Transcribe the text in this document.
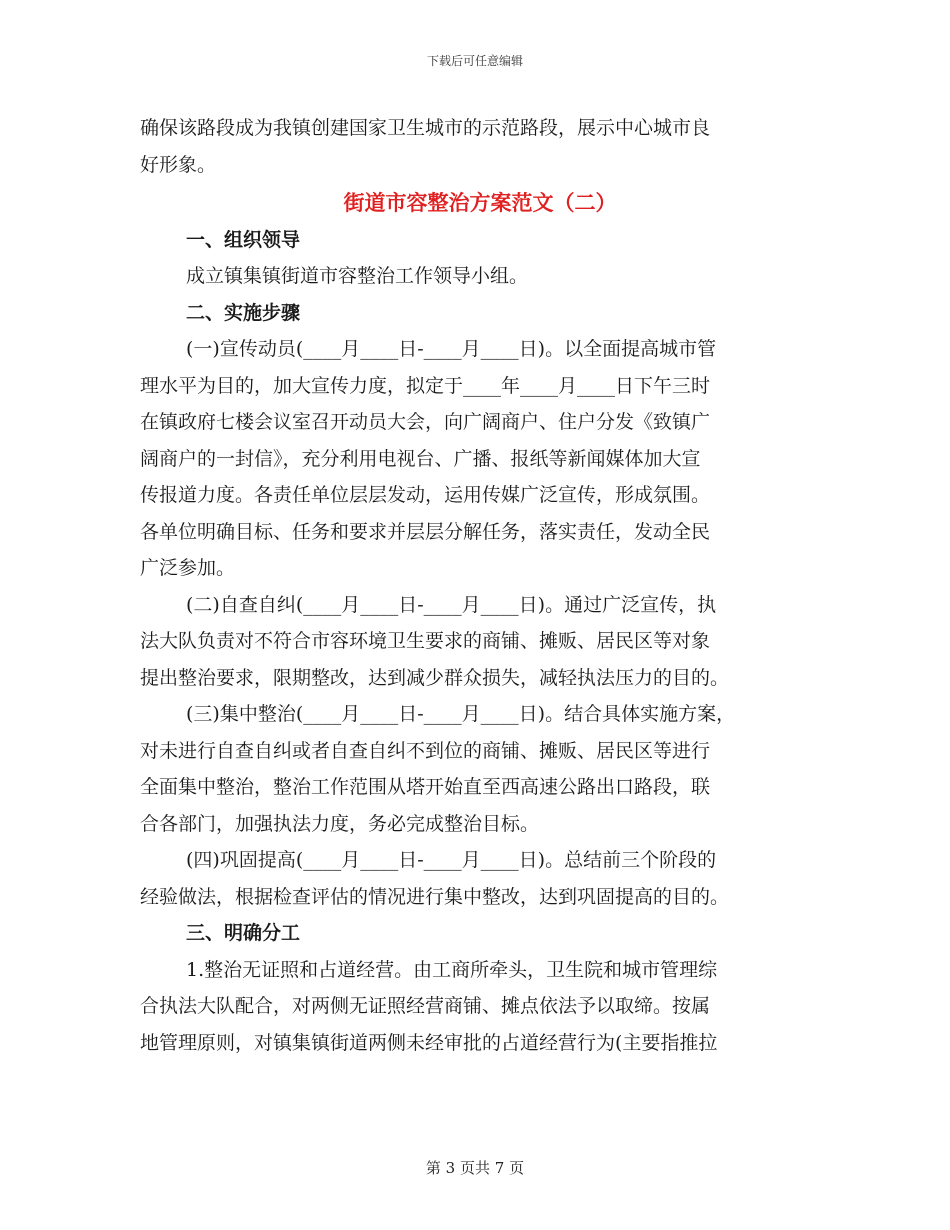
下载后可任意编辑
确保该路段成为我镇创建国家卫生城市的示范路段，展示中心城市良
好形象。
街道市容整治方案范文（二）
一、组织领导
成立镇集镇街道市容整治工作领导小组。
二、实施步骤
(一)宣传动员(____月____日-____月____日)。以全面提高城市管
理水平为目的，加大宣传力度，拟定于____年____月____日下午三时
在镇政府七楼会议室召开动员大会，向广阔商户、住户分发《致镇广
阔商户的一封信》，充分利用电视台、广播、报纸等新闻媒体加大宣
传报道力度。各责任单位层层发动，运用传媒广泛宣传，形成氛围。
各单位明确目标、任务和要求并层层分解任务，落实责任，发动全民
广泛参加。
(二)自查自纠(____月____日-____月____日)。通过广泛宣传，执
法大队负责对不符合市容环境卫生要求的商铺、摊贩、居民区等对象
提出整治要求，限期整改，达到减少群众损失，减轻执法压力的目的。
(三)集中整治(____月____日-____月____日)。结合具体实施方案，
对未进行自查自纠或者自查自纠不到位的商铺、摊贩、居民区等进行
全面集中整治，整治工作范围从塔开始直至西高速公路出口路段，联
合各部门，加强执法力度，务必完成整治目标。
(四)巩固提高(____月____日-____月____日)。总结前三个阶段的
经验做法，根据检查评估的情况进行集中整改，达到巩固提高的目的。
三、明确分工
1.整治无证照和占道经营。由工商所牵头，卫生院和城市管理综
合执法大队配合，对两侧无证照经营商铺、摊点依法予以取缔。按属
地管理原则，对镇集镇街道两侧未经审批的占道经营行为(主要指推拉
第 3 页共 7 页
